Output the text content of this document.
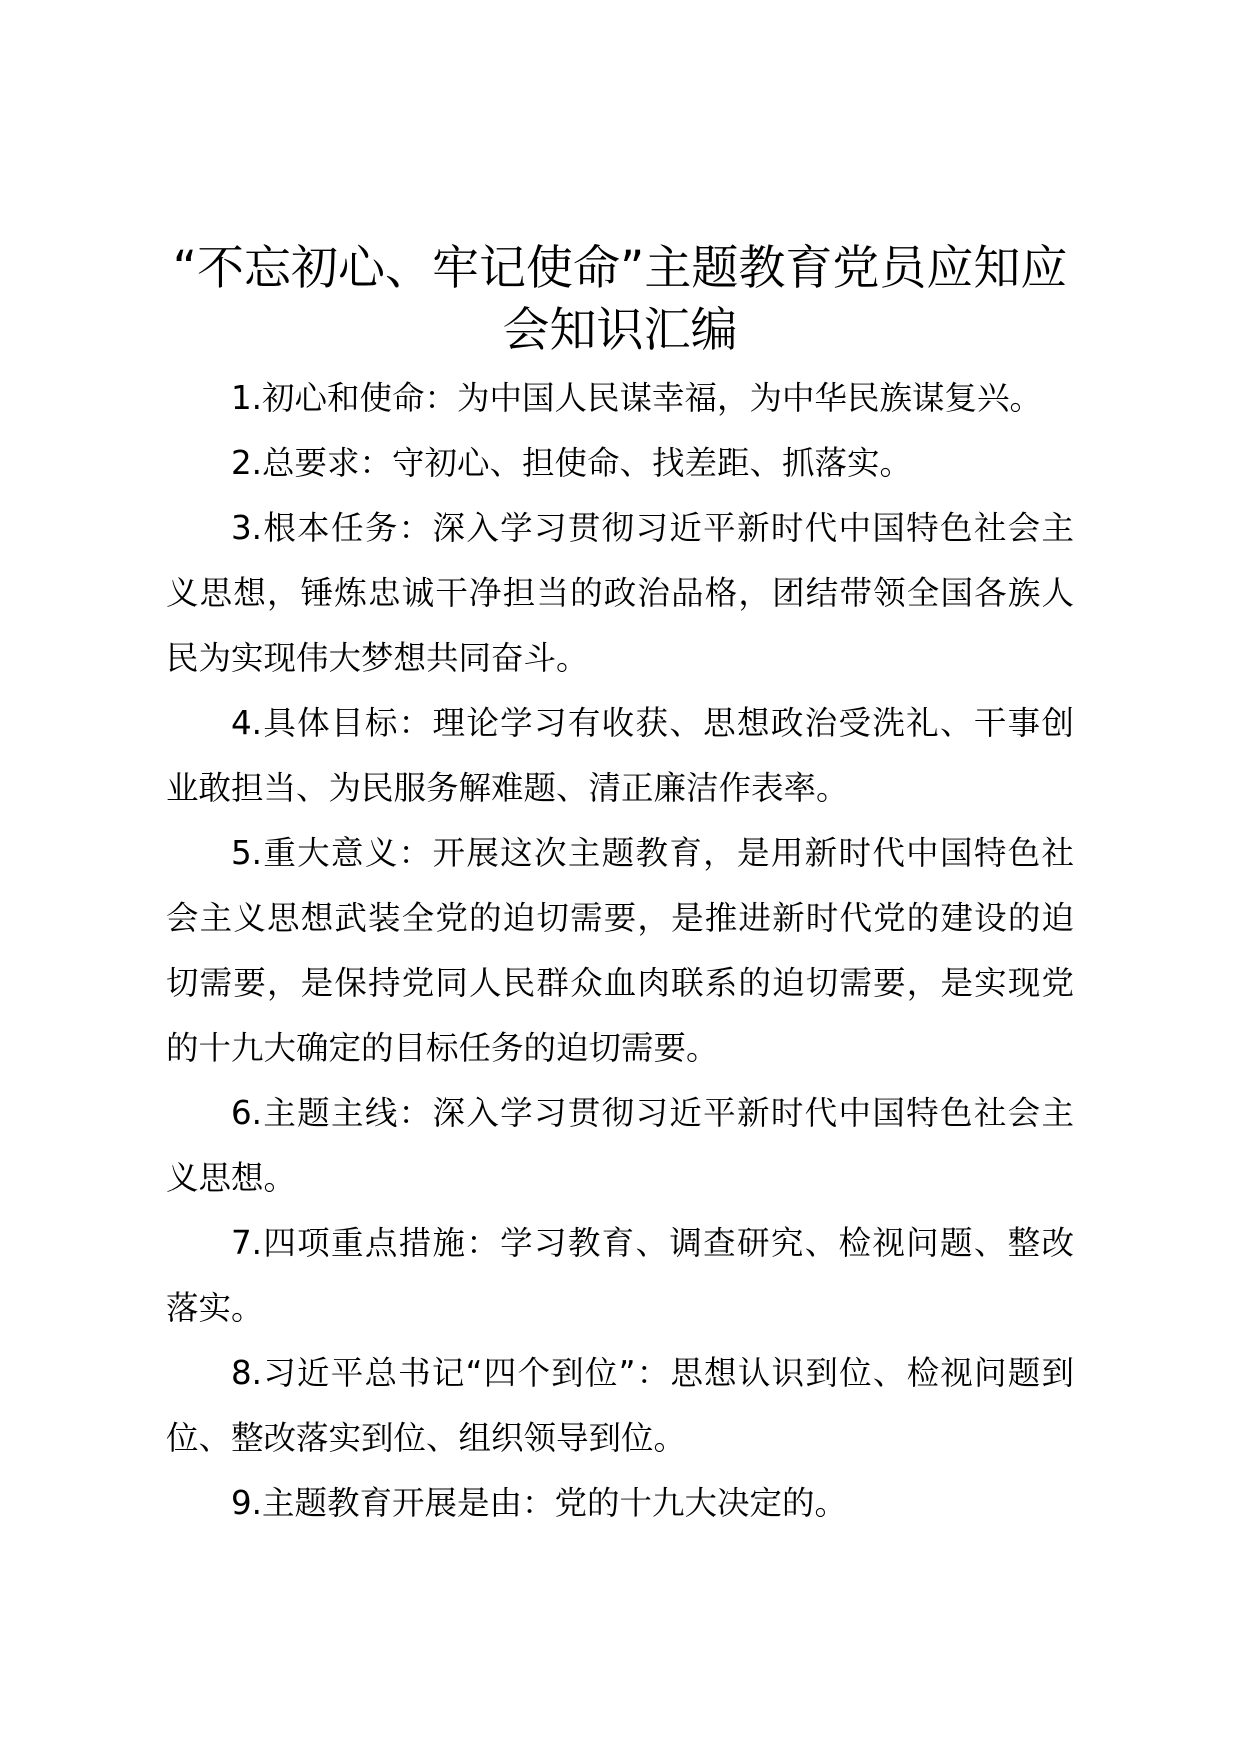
“不忘初心、牢记使命”主题教育党员应知应
会知识汇编

1.初心和使命：为中国人民谋幸福，为中华民族谋复兴。

2.总要求：守初心、担使命、找差距、抓落实。

3.根本任务：深入学习贯彻习近平新时代中国特色社会主义思想，锤炼忠诚干净担当的政治品格，团结带领全国各族人民为实现伟大梦想共同奋斗。

4.具体目标：理论学习有收获、思想政治受洗礼、干事创业敢担当、为民服务解难题、清正廉洁作表率。

5.重大意义：开展这次主题教育，是用新时代中国特色社会主义思想武装全党的迫切需要，是推进新时代党的建设的迫切需要，是保持党同人民群众血肉联系的迫切需要，是实现党的十九大确定的目标任务的迫切需要。

6.主题主线：深入学习贯彻习近平新时代中国特色社会主义思想。

7.四项重点措施：学习教育、调查研究、检视问题、整改落实。

8.习近平总书记“四个到位”：思想认识到位、检视问题到位、整改落实到位、组织领导到位。

9.主题教育开展是由：党的十九大决定的。
